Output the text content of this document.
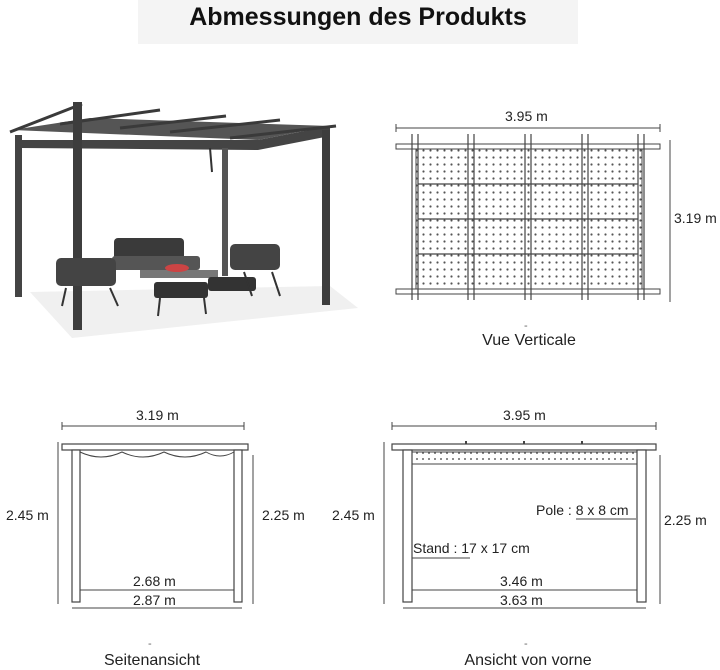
Abmessungen des Produkts
3.95 m
3.19 m
-
Vue Verticale
3.19 m
2.45 m	2.25 m
2.68 m
2.87 m
-
Seitenansicht
3.95 m
2.45 m	2.25 m
Pole : 8 x 8 cm
Stand : 17 x 17 cm
3.46 m
3.63 m
-
Ansicht von vorne
